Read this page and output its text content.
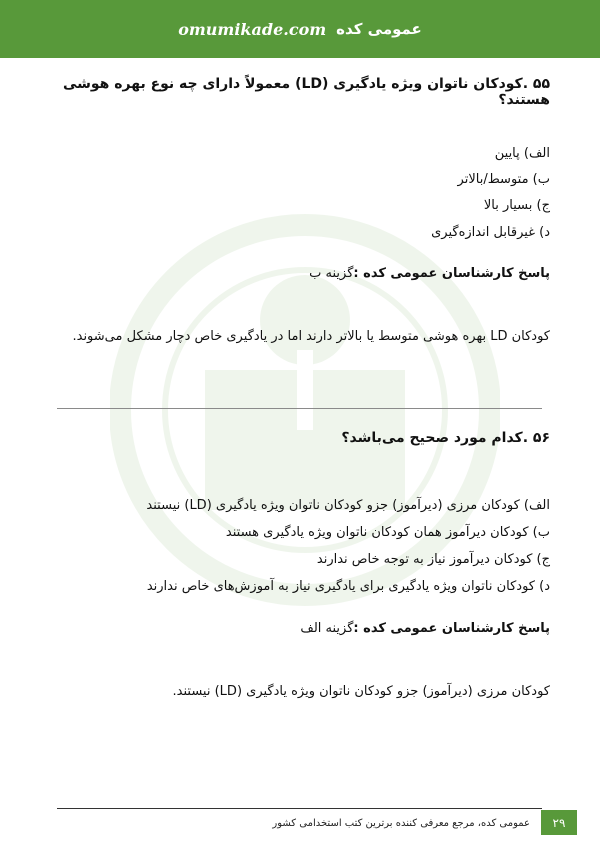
omumikade.com عمومی کده
۵۵ .کودکان ناتوان ویژه یادگیری (LD) معمولاً دارای چه نوع بهره هوشی هستند؟
الف) پایین
ب) متوسط/بالاتر
ج) بسیار بالا
د) غیرقابل اندازه‌گیری
پاسخ کارشناسان عمومی کده :گزینه ب
کودکان LD بهره هوشی متوسط یا بالاتر دارند اما در یادگیری خاص دچار مشکل می‌شوند.
۵۶ .کدام مورد صحیح می‌باشد؟
الف) کودکان مرزی (دیرآموز) جزو کودکان ناتوان ویژه یادگیری (LD) نیستند
ب) کودکان دیرآموز همان کودکان ناتوان ویژه یادگیری هستند
ج) کودکان دیرآموز نیاز به توجه خاص ندارند
د) کودکان ناتوان ویژه یادگیری برای یادگیری نیاز به آموزش‌های خاص ندارند
پاسخ کارشناسان عمومی کده :گزینه الف
کودکان مرزی (دیرآموز) جزو کودکان ناتوان ویژه یادگیری (LD) نیستند.
عمومی کده، مرجع معرفی کننده برترین کتب استخدامی کشور	۲۹
